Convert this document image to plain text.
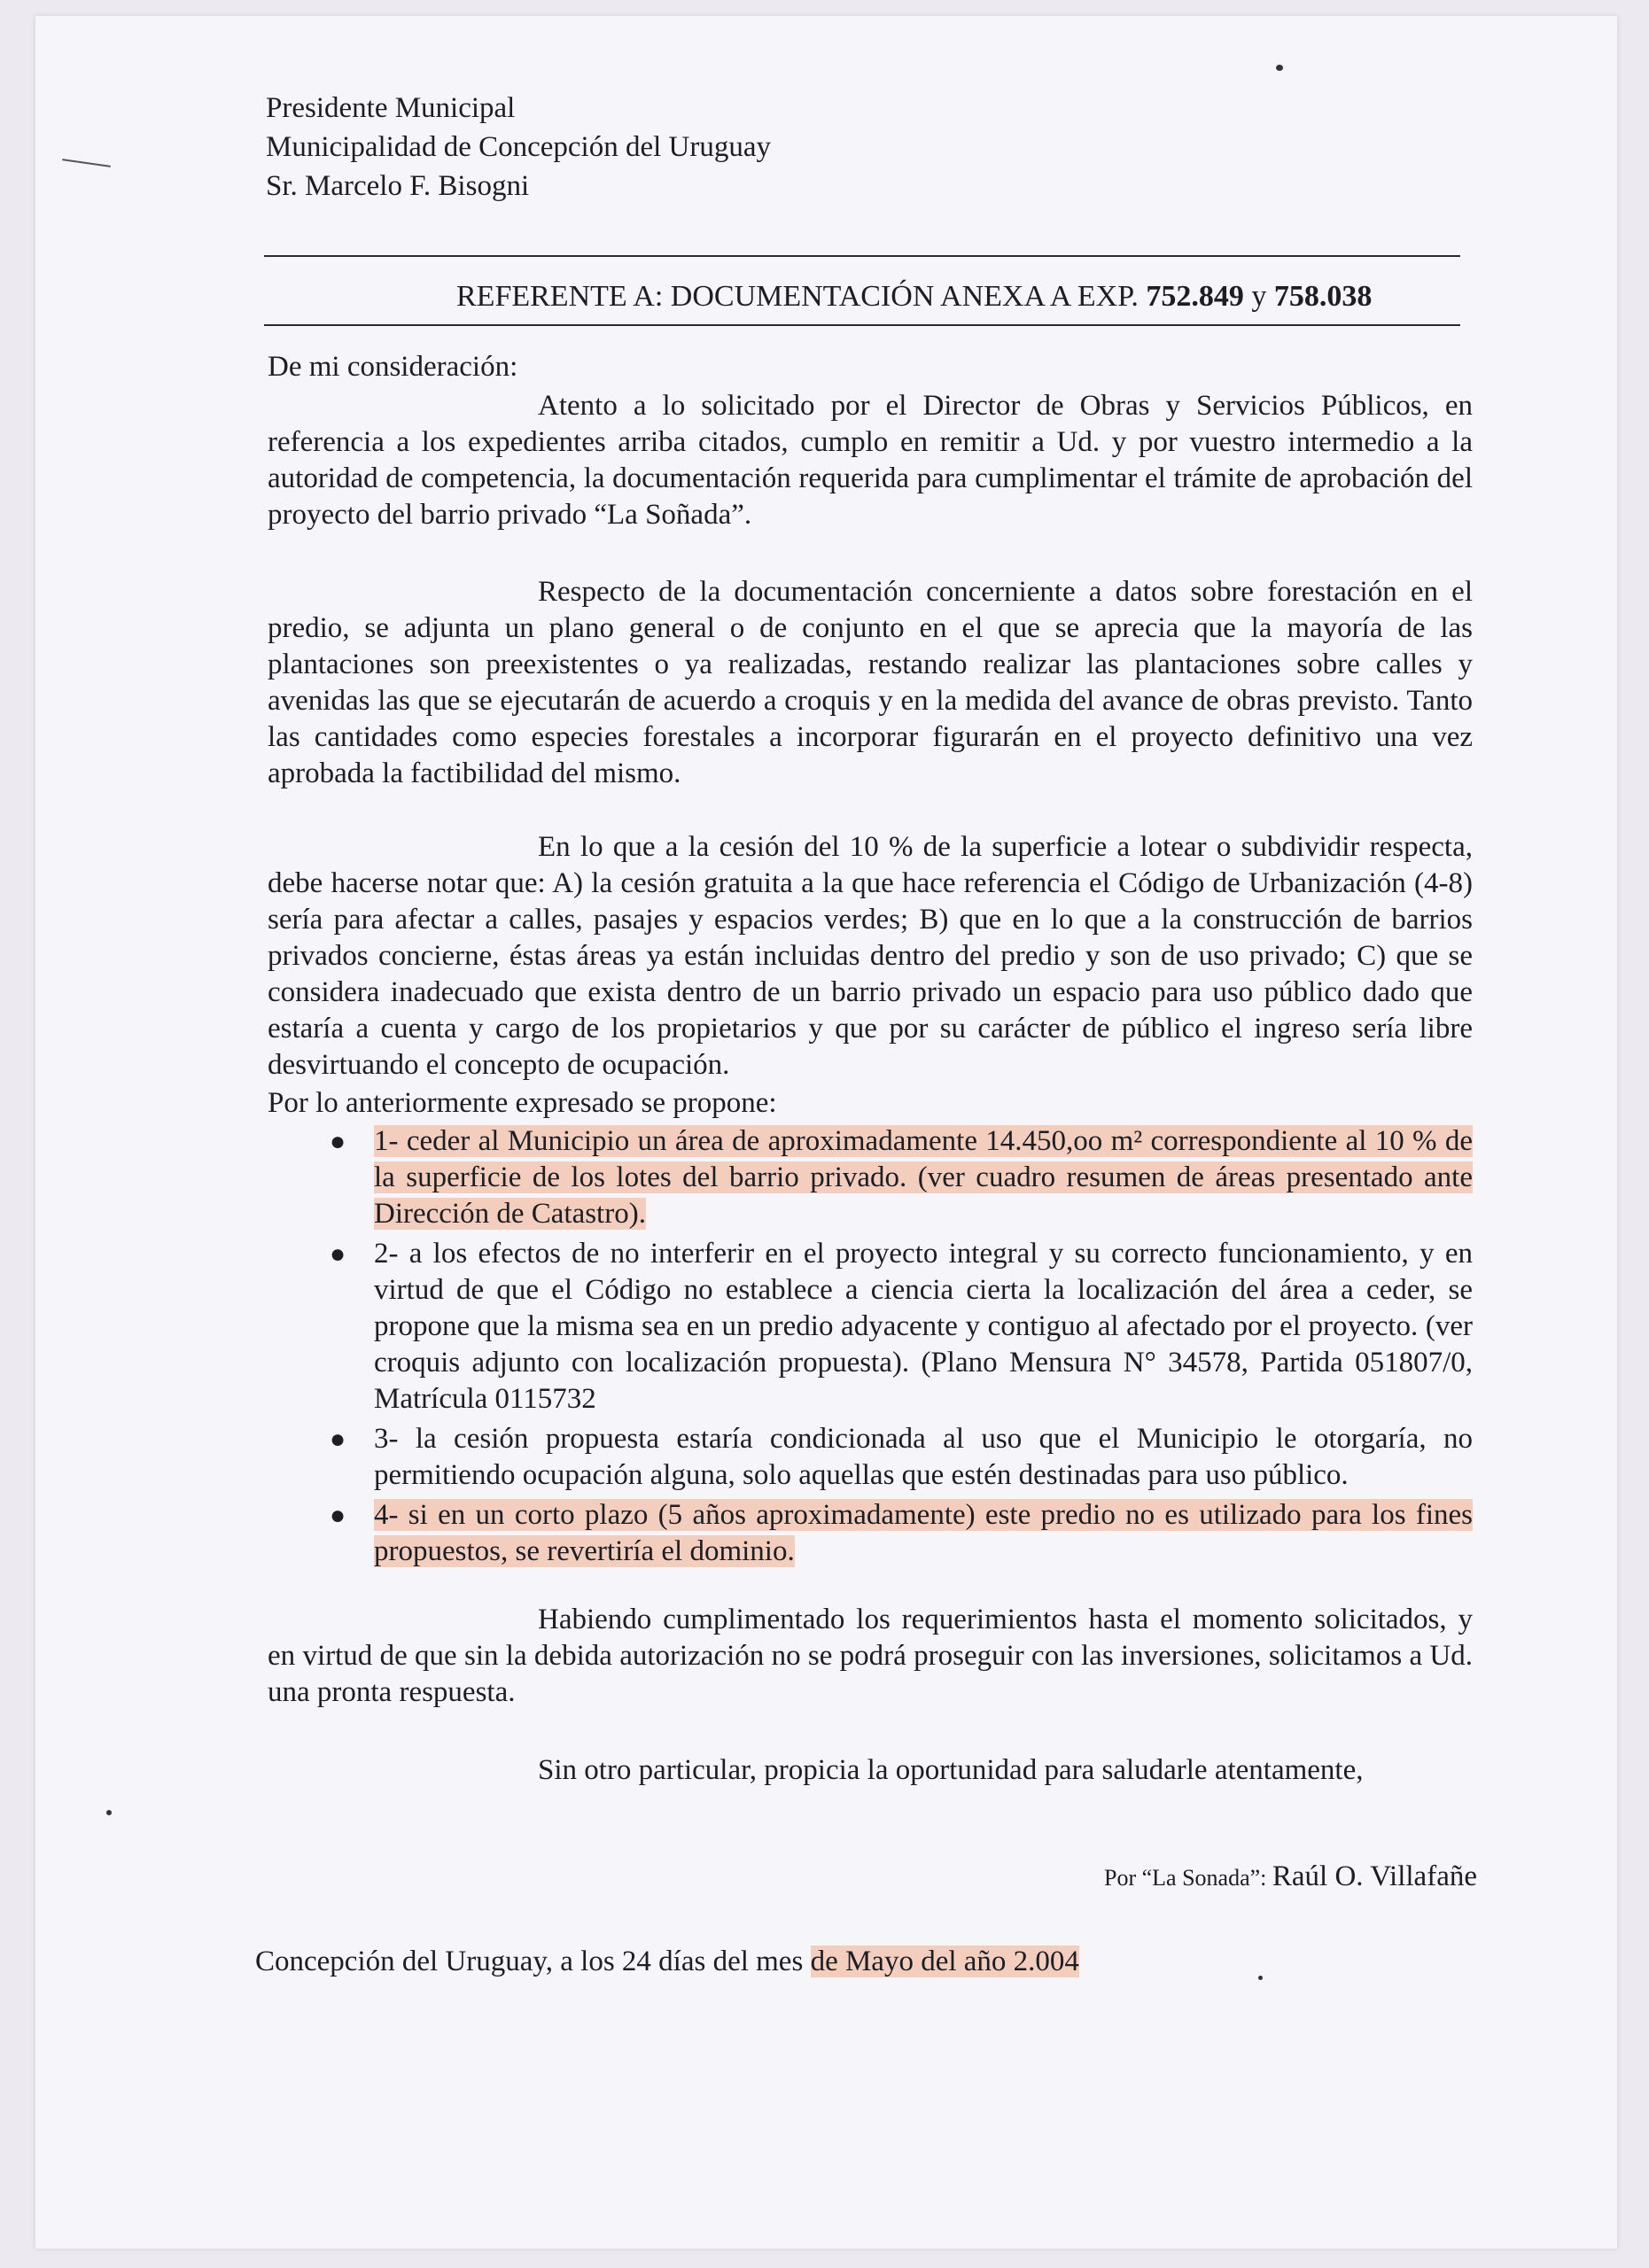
Presidente Municipal
Municipalidad de Concepción del Uruguay
Sr. Marcelo F. Bisogni
REFERENTE A: DOCUMENTACIÓN ANEXA A EXP. 752.849 y 758.038
De mi consideración:
Atento a lo solicitado por el Director de Obras y Servicios Públicos, en referencia a los expedientes arriba citados, cumplo en remitir a Ud. y por vuestro intermedio a la autoridad de competencia, la documentación requerida para cumplimentar el trámite de aprobación del proyecto del barrio privado “La Soñada”.
Respecto de la documentación concerniente a datos sobre forestación en el predio, se adjunta un plano general o de conjunto en el que se aprecia que la mayoría de las plantaciones son preexistentes o ya realizadas, restando realizar las plantaciones sobre calles y avenidas las que se ejecutarán de acuerdo a croquis y en la medida del avance de obras previsto. Tanto las cantidades como especies forestales a incorporar figurarán en el proyecto definitivo una vez aprobada la factibilidad del mismo.
En lo que a la cesión del 10 % de la superficie a lotear o subdividir respecta, debe hacerse notar que: A) la cesión gratuita a la que hace referencia el Código de Urbanización (4-8) sería para afectar a calles, pasajes y espacios verdes; B) que en lo que a la construcción de barrios privados concierne, éstas áreas ya están incluidas dentro del predio y son de uso privado; C) que se considera inadecuado que exista dentro de un barrio privado un espacio para uso público dado que estaría a cuenta y cargo de los propietarios y que por su carácter de público el ingreso sería libre desvirtuando el concepto de ocupación.
Por lo anteriormente expresado se propone:
● 1- ceder al Municipio un área de aproximadamente 14.450,oo m² correspondiente al 10 % de la superficie de los lotes del barrio privado. (ver cuadro resumen de áreas presentado ante Dirección de Catastro).
● 2- a los efectos de no interferir en el proyecto integral y su correcto funcionamiento, y en virtud de que el Código no establece a ciencia cierta la localización del área a ceder, se propone que la misma sea en un predio adyacente y contiguo al afectado por el proyecto. (ver croquis adjunto con localización propuesta). (Plano Mensura N° 34578, Partida 051807/0, Matrícula 0115732
● 3- la cesión propuesta estaría condicionada al uso que el Municipio le otorgaría, no permitiendo ocupación alguna, solo aquellas que estén destinadas para uso público.
● 4- si en un corto plazo (5 años aproximadamente) este predio no es utilizado para los fines propuestos, se revertiría el dominio.
Habiendo cumplimentado los requerimientos hasta el momento solicitados, y en virtud de que sin la debida autorización no se podrá proseguir con las inversiones, solicitamos a Ud. una pronta respuesta.
Sin otro particular, propicia la oportunidad para saludarle atentamente,
Por “La Sonada”: Raúl O. Villafañe
Concepción del Uruguay, a los 24 días del mes de Mayo del año 2.004
